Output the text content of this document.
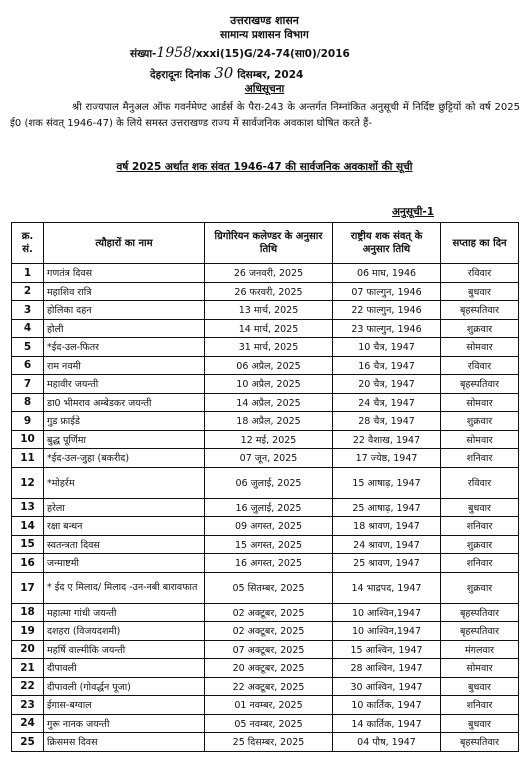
उत्तराखण्ड शासन
सामान्य प्रशासन विभाग
संख्या-1958/xxxi(15)G/24-74(सा0)/2016
देहरादूनः दिनांक 30 दिसम्बर, 2024
अधिसूचना
श्री राज्यपाल मैनुअल ऑफ गवर्नमेण्ट आर्डर्स के पैरा-243 के अन्तर्गत निम्नांकित अनुसूची में निर्दिष्ट छुट्टियों को वर्ष 2025 ई0 (शक संवत् 1946-47) के लिये समस्त उत्तराखण्ड राज्य में सार्वजनिक अवकाश घोषित करते हैं-
वर्ष 2025 अर्थात शक संवत 1946-47 की सार्वजनिक अवकाशों की सूची
अनुसूची-1
क्र. सं.	त्यौहारों का नाम	ग्रिगोरियन कलेण्डर के अनुसार तिथि	राष्ट्रीय शक संवत् के अनुसार तिथि	सप्ताह का दिन
1	गणतंत्र दिवस	26 जनवरी, 2025	06 माघ, 1946	रविवार
2	महाशिव रात्रि	26 फरवरी, 2025	07 फाल्गुन, 1946	बुधवार
3	होलिका दहन	13 मार्च, 2025	22 फाल्गुन, 1946	बृहस्पतिवार
4	होली	14 मार्च, 2025	23 फाल्गुन, 1946	शुक्रवार
5	*ईद-उल-फितर	31 मार्च, 2025	10 चैत्र, 1947	सोमवार
6	राम नवमी	06 अप्रैल, 2025	16 चैत्र, 1947	रविवार
7	महावीर जयन्ती	10 अप्रैल, 2025	20 चैत्र, 1947	बृहस्पतिवार
8	डा0 भीमराव अम्बेडकर जयन्ती	14 अप्रैल, 2025	24 चैत्र, 1947	सोमवार
9	गुड फ्राईडे	18 अप्रैल, 2025	28 चैत्र, 1947	शुक्रवार
10	बुद्ध पूर्णिमा	12 मई, 2025	22 वैशाख, 1947	सोमवार
11	*ईद-उल-जुहा (बकरीद)	07 जून, 2025	17 ज्येष्ठ, 1947	शनिवार
12	*मोहर्रम	06 जुलाई, 2025	15 आषाढ़, 1947	रविवार
13	हरेला	16 जुलाई, 2025	25 आषाढ़, 1947	बुधवार
14	रक्षा बन्धन	09 अगस्त, 2025	18 श्रावण, 1947	शनिवार
15	स्वतन्त्रता दिवस	15 अगस्त, 2025	24 श्रावण, 1947	शुक्रवार
16	जन्माष्टमी	16 अगस्त, 2025	25 श्रावण, 1947	शनिवार
17	* ईद ए मिलाद/ मिलाद -उन-नबी बारावफात	05 सितम्बर, 2025	14 भाद्रपद, 1947	शुक्रवार
18	महात्मा गांधी जयन्ती	02 अक्टूबर, 2025	10 आश्विन,1947	बृहस्पतिवार
19	दशहरा (विजयदशमी)	02 अक्टूबर, 2025	10 आश्विन,1947	बृहस्पतिवार
20	महर्षि वाल्मीकि जयन्ती	07 अक्टूबर, 2025	15 आश्विन, 1947	मंगलवार
21	दीपावली	20 अक्टूबर, 2025	28 आश्विन, 1947	सोमवार
22	दीपावली (गोवर्द्धन पूजा)	22 अक्टूबर, 2025	30 आश्विन, 1947	बुधवार
23	ईगास-बग्वाल	01 नवम्बर, 2025	10 कार्तिक, 1947	शनिवार
24	गुरू नानक जयन्ती	05 नवम्बर, 2025	14 कार्तिक, 1947	बुधवार
25	क्रिसमस दिवस	25 दिसम्बर, 2025	04 पौष, 1947	बृहस्पतिवार
